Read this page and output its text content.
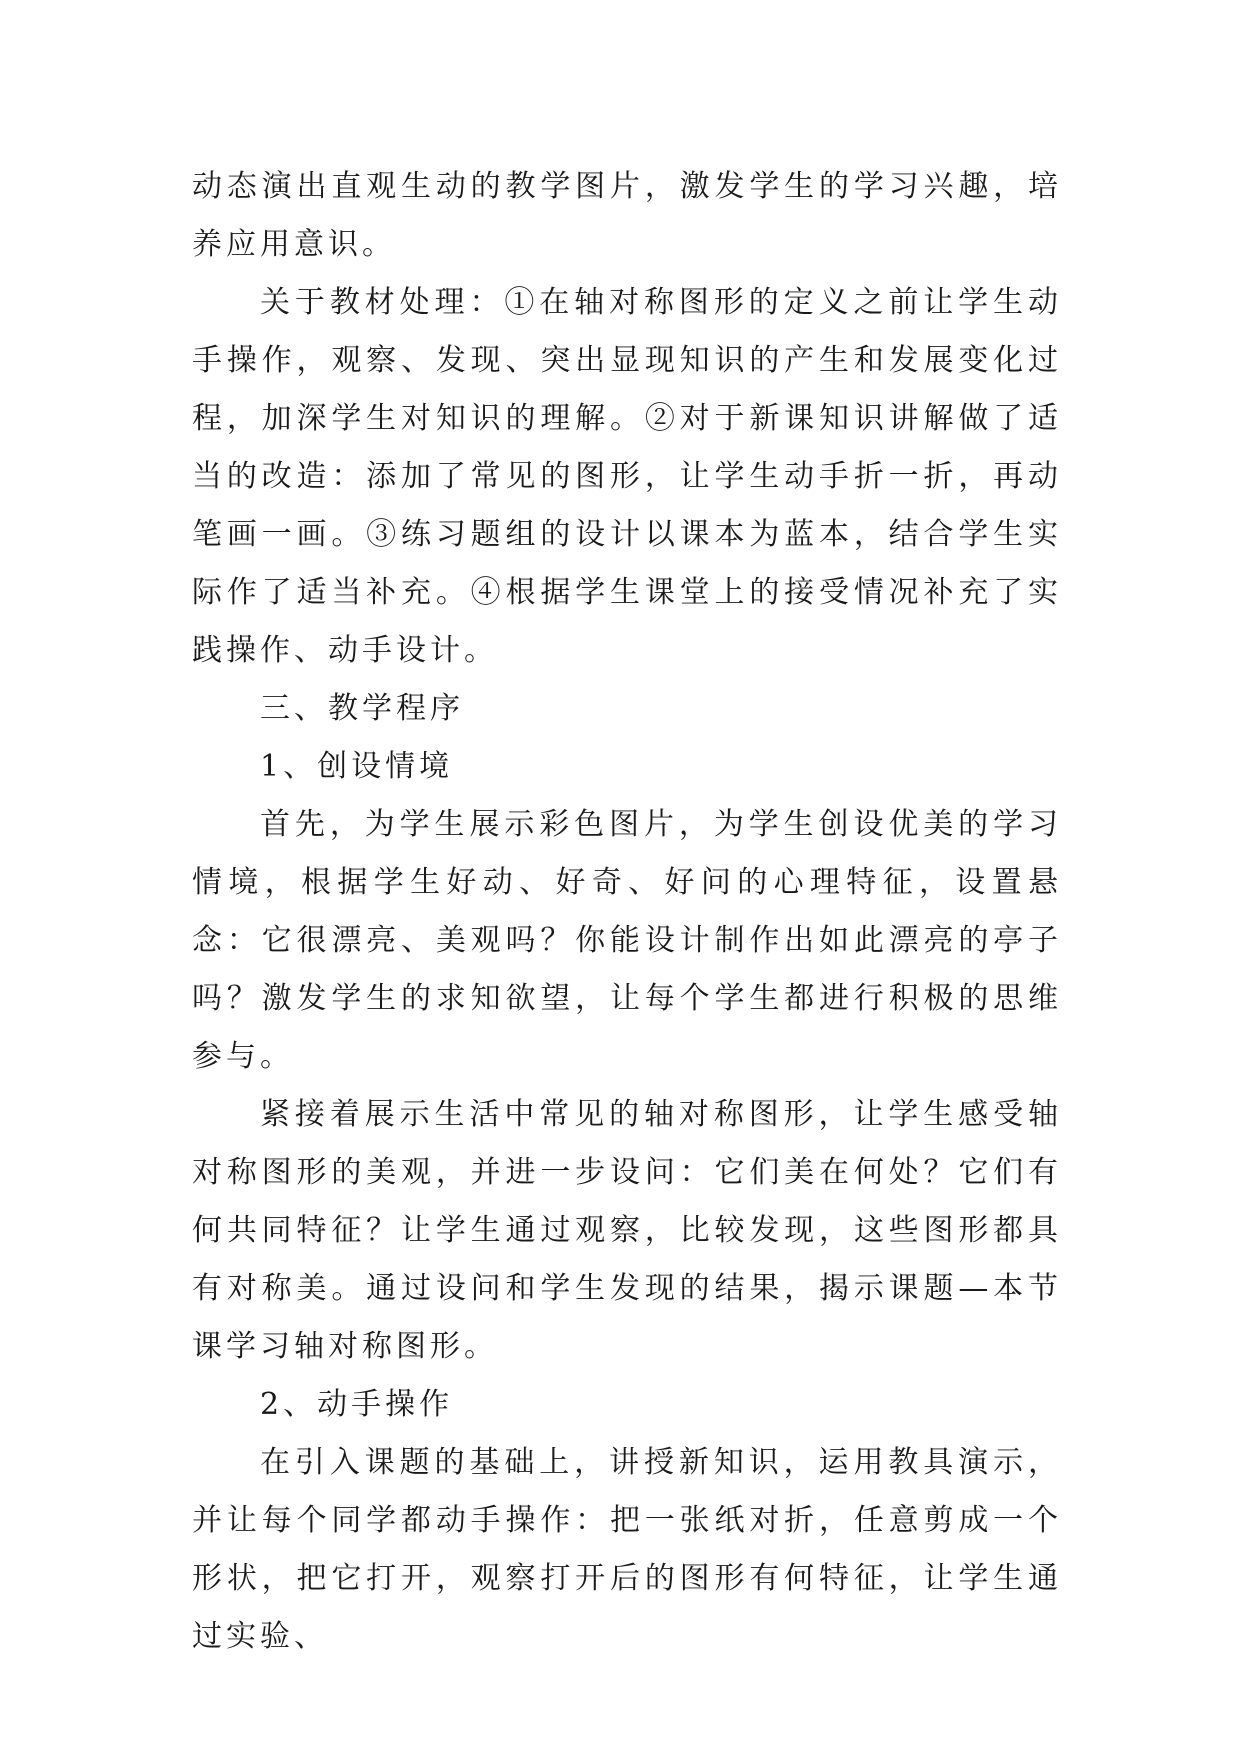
动态演出直观生动的教学图片，激发学生的学习兴趣，培养应用意识。

关于教材处理：①在轴对称图形的定义之前让学生动手操作，观察、发现、突出显现知识的产生和发展变化过程，加深学生对知识的理解。②对于新课知识讲解做了适当的改造：添加了常见的图形，让学生动手折一折，再动笔画一画。③练习题组的设计以课本为蓝本，结合学生实际作了适当补充。④根据学生课堂上的接受情况补充了实践操作、动手设计。

三、教学程序

1、创设情境

首先，为学生展示彩色图片，为学生创设优美的学习情境，根据学生好动、好奇、好问的心理特征，设置悬念：它很漂亮、美观吗？你能设计制作出如此漂亮的亭子吗？激发学生的求知欲望，让每个学生都进行积极的思维参与。

紧接着展示生活中常见的轴对称图形，让学生感受轴对称图形的美观，并进一步设问：它们美在何处？它们有何共同特征？让学生通过观察，比较发现，这些图形都具有对称美。通过设问和学生发现的结果，揭示课题—本节课学习轴对称图形。

2、动手操作

在引入课题的基础上，讲授新知识，运用教具演示，并让每个同学都动手操作：把一张纸对折，任意剪成一个形状，把它打开，观察打开后的图形有何特征，让学生通过实验、
